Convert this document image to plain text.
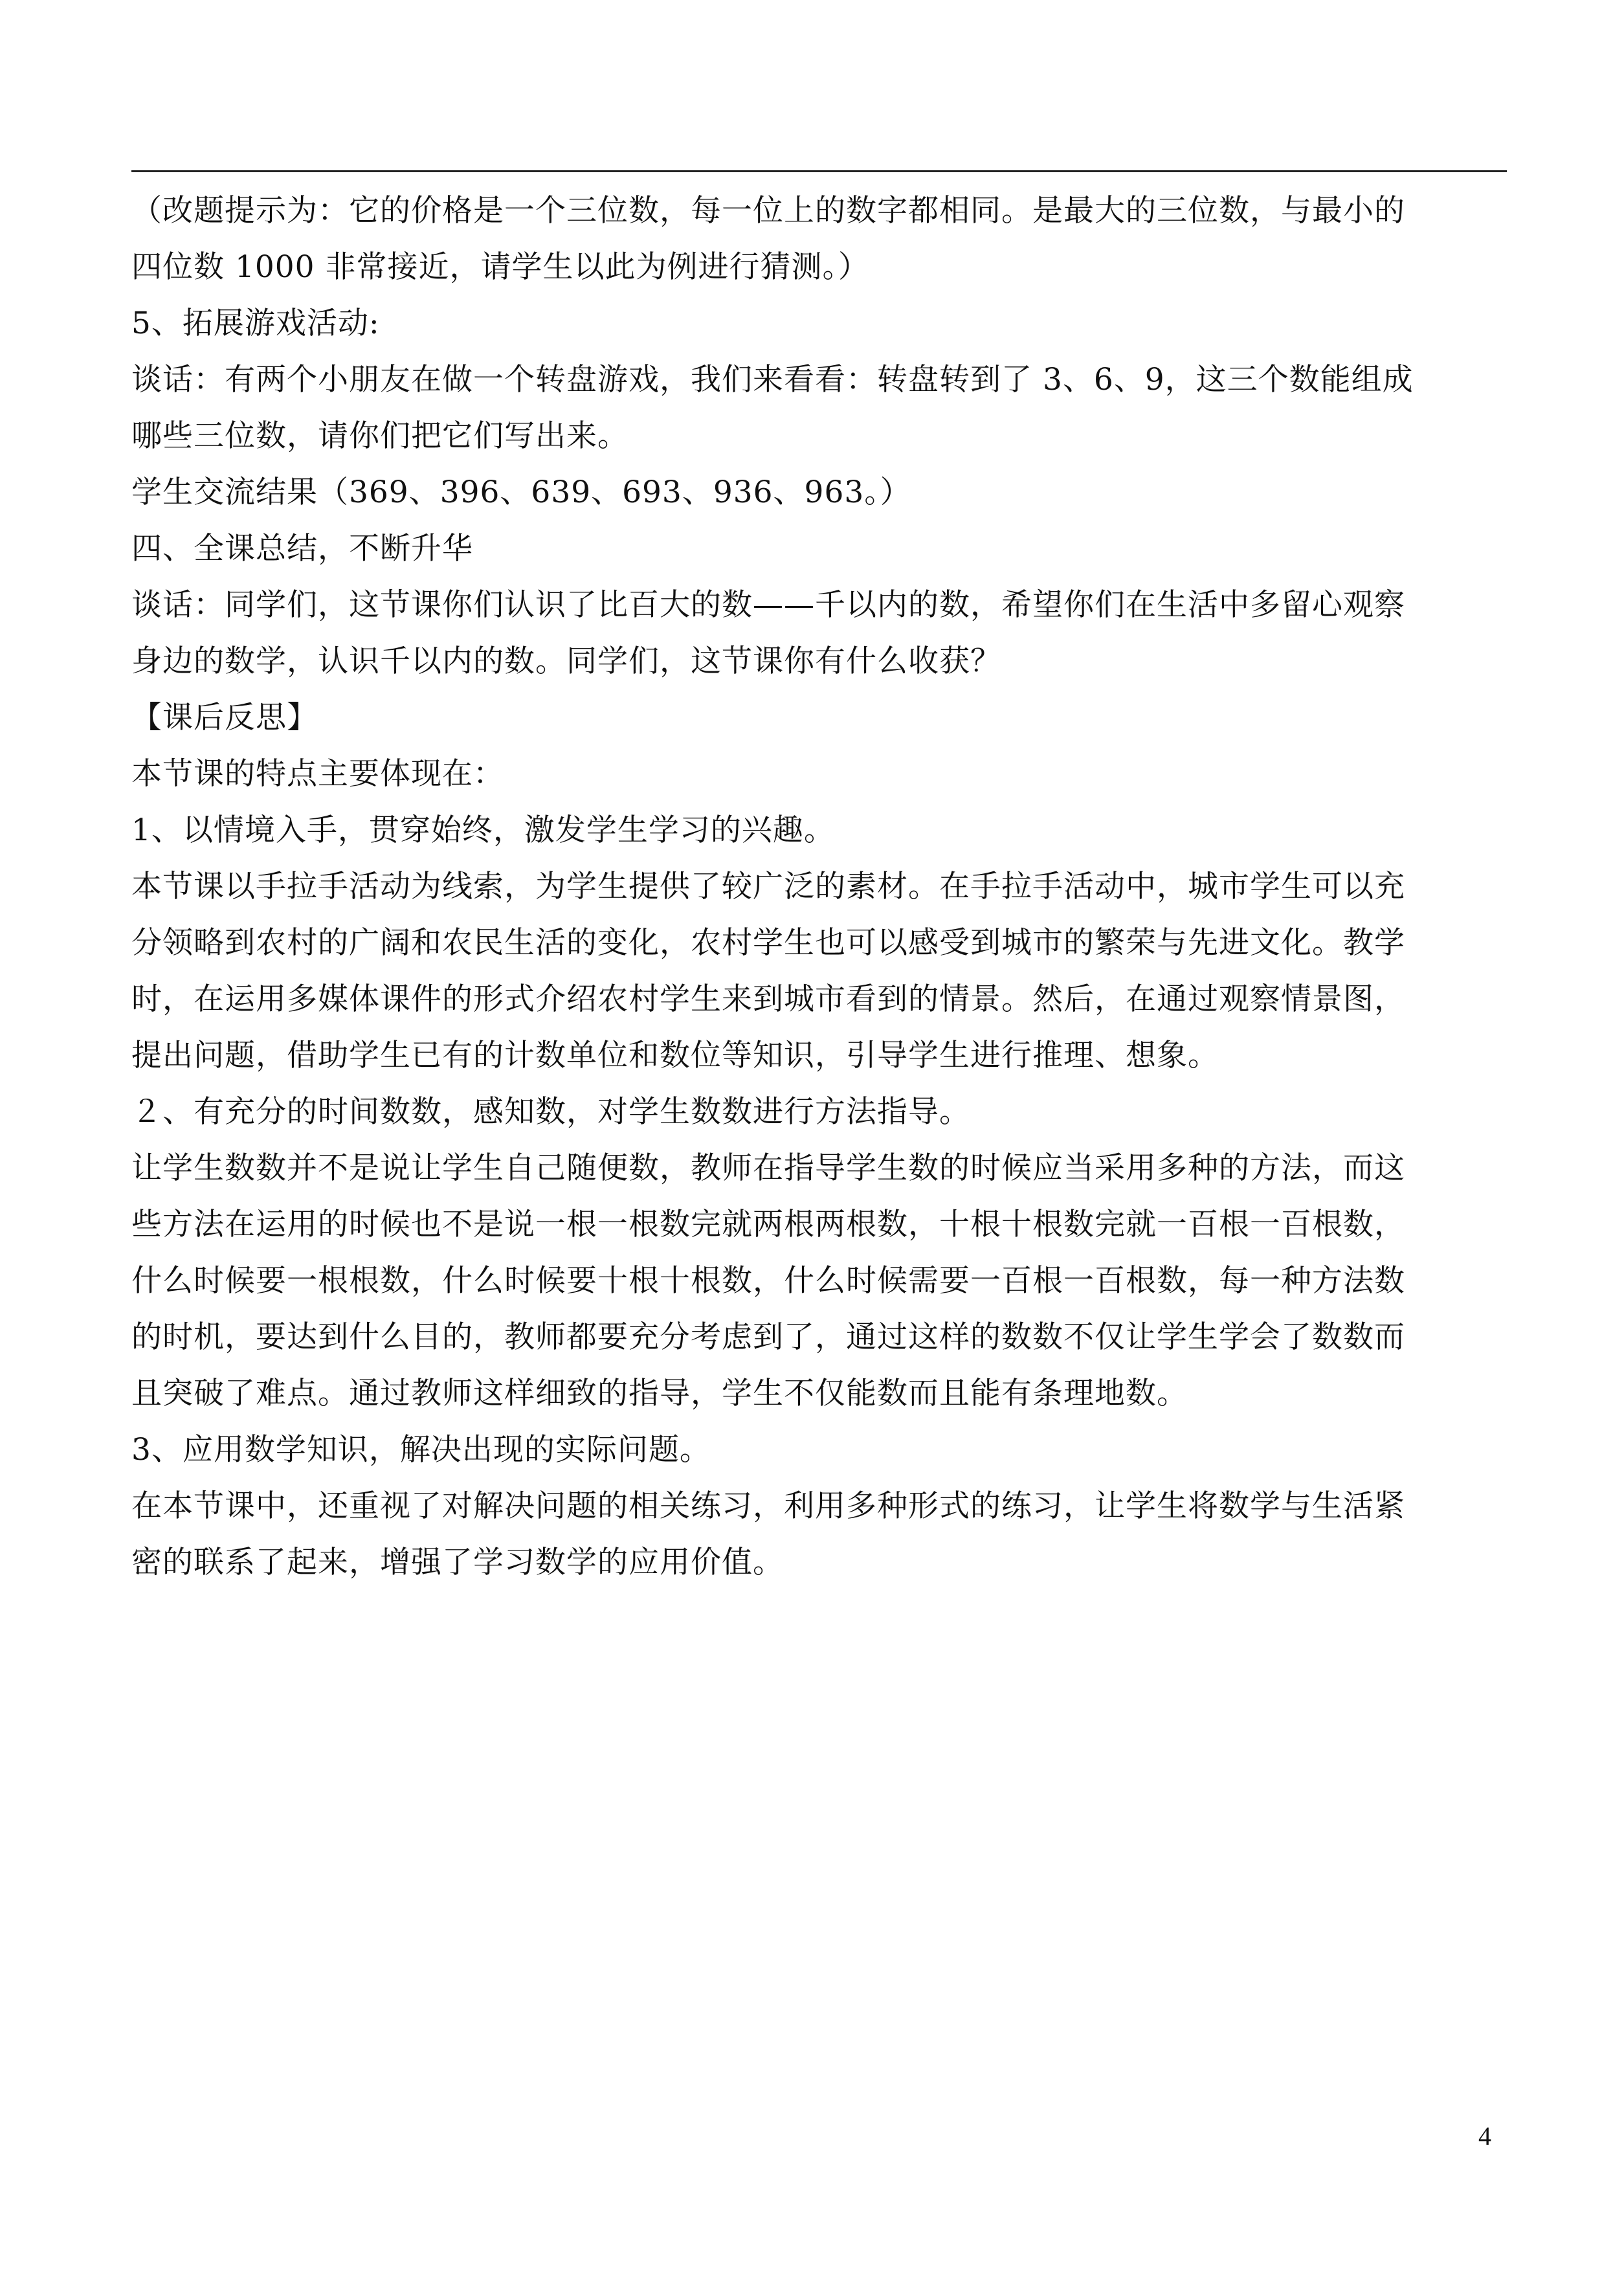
（改题提示为：它的价格是一个三位数，每一位上的数字都相同。是最大的三位数，与最小的
四位数 1000 非常接近，请学生以此为例进行猜测。）
5、拓展游戏活动:
谈话：有两个小朋友在做一个转盘游戏，我们来看看：转盘转到了 3、6、9，这三个数能组成
哪些三位数，请你们把它们写出来。
学生交流结果（369、396、639、693、936、963。）
四、全课总结，不断升华
谈话：同学们，这节课你们认识了比百大的数——千以内的数，希望你们在生活中多留心观察
身边的数学，认识千以内的数。同学们，这节课你有什么收获？
【课后反思】
本节课的特点主要体现在：
1、以情境入手，贯穿始终，激发学生学习的兴趣。
本节课以手拉手活动为线索，为学生提供了较广泛的素材。在手拉手活动中，城市学生可以充
分领略到农村的广阔和农民生活的变化，农村学生也可以感受到城市的繁荣与先进文化。教学
时，在运用多媒体课件的形式介绍农村学生来到城市看到的情景。然后，在通过观察情景图，
提出问题，借助学生已有的计数单位和数位等知识，引导学生进行推理、想象。
２、有充分的时间数数，感知数，对学生数数进行方法指导。
让学生数数并不是说让学生自己随便数，教师在指导学生数的时候应当采用多种的方法，而这
些方法在运用的时候也不是说一根一根数完就两根两根数，十根十根数完就一百根一百根数，
什么时候要一根根数，什么时候要十根十根数，什么时候需要一百根一百根数，每一种方法数
的时机，要达到什么目的，教师都要充分考虑到了，通过这样的数数不仅让学生学会了数数而
且突破了难点。通过教师这样细致的指导，学生不仅能数而且能有条理地数。
3、应用数学知识，解决出现的实际问题。
在本节课中，还重视了对解决问题的相关练习，利用多种形式的练习，让学生将数学与生活紧
密的联系了起来，增强了学习数学的应用价值。
4
